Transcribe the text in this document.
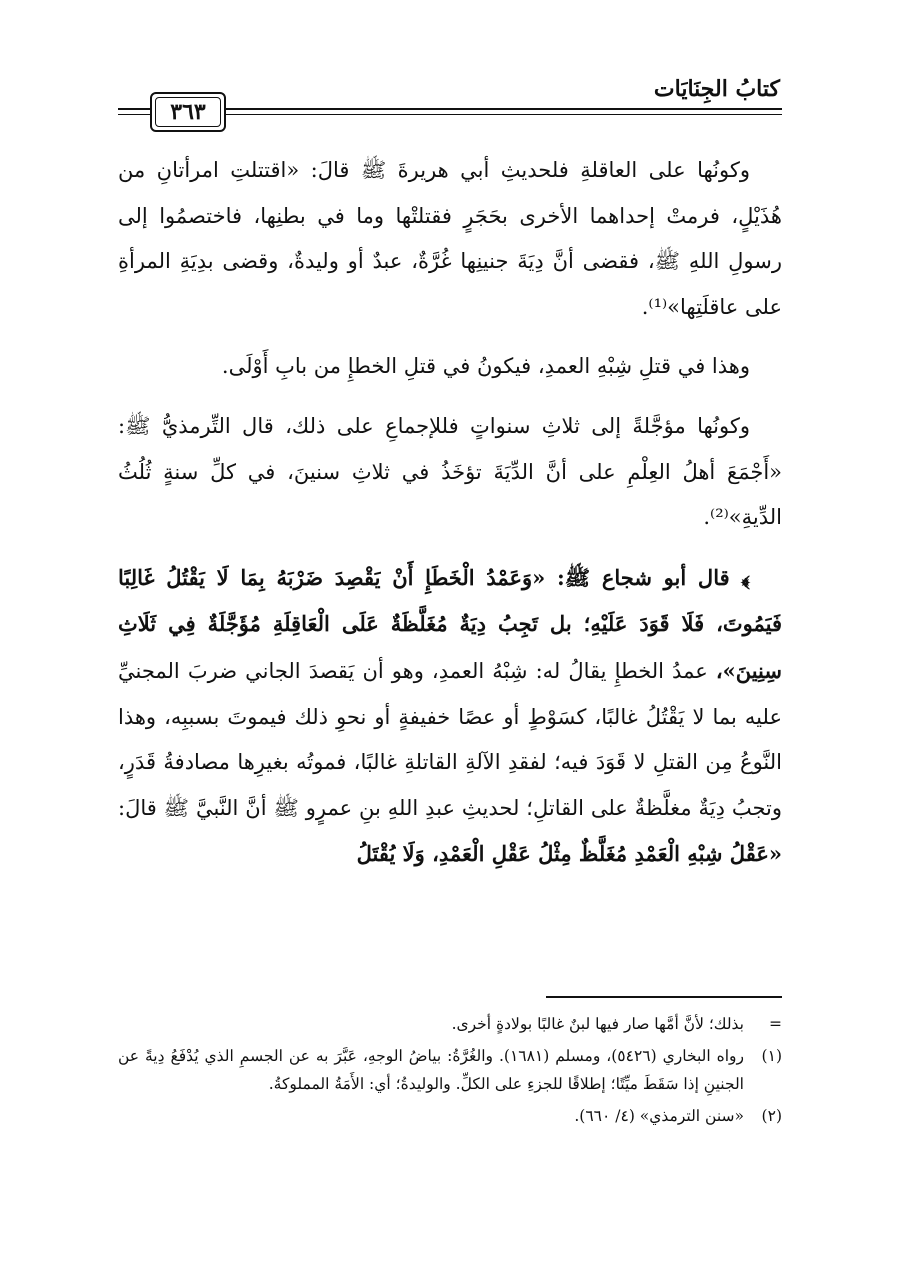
كتابُ الجِنَايَات
٣٦٣

وكونُها على العاقلةِ فلحديثِ أبي هريرةَ ﷺ قالَ: «اقتتلتِ امرأتانِ من هُذَيْلٍ، فرمتْ إحداهما الأخرى بحَجَرٍ فقتلتْها وما في بطنِها، فاختصمُوا إلى رسولِ اللهِ ﷺ، فقضى أنَّ دِيَةَ جنينِها غُرَّةٌ، عبدٌ أو وليدةٌ، وقضى بدِيَةِ المرأةِ على عاقلَتِها»⁽¹⁾.

وهذا في قتلِ شِبْهِ العمدِ، فيكونُ في قتلِ الخطإِ من بابِ أَوْلَى.

وكونُها مؤجَّلةً إلى ثلاثِ سنواتٍ فللإجماعِ على ذلك، قال التِّرمذيُّ ﷺ: «أَجْمَعَ أهلُ العِلْمِ على أنَّ الدِّيَةَ تؤخَذُ في ثلاثِ سنينَ، في كلِّ سنةٍ ثُلُثُ الدِّيةِ»⁽²⁾.

﴾ قال أبو شجاع ﷺ: «وَعَمْدُ الْخَطَإِ أَنْ يَقْصِدَ ضَرْبَهُ بِمَا لَا يَقْتُلُ غَالِبًا فَيَمُوتَ، فَلَا قَوَدَ عَلَيْهِ؛ بل تَجِبُ دِيَةٌ مُغَلَّظَةٌ عَلَى الْعَاقِلَةِ مُؤَجَّلَةٌ فِي ثَلَاثِ سِنِينَ»، عمدُ الخطإِ يقالُ له: شِبْهُ العمدِ، وهو أن يَقصدَ الجاني ضربَ المجنيِّ عليه بما لا يَقْتُلُ غالبًا، كسَوْطٍ أو عصًا خفيفةٍ أو نحوِ ذلك فيموتَ بسببِه، وهذا النَّوعُ مِن القتلِ لا قَوَدَ فيه؛ لفقدِ الآلةِ القاتلةِ غالبًا، فموتُه بغيرِها مصادفةُ قَدَرٍ، وتجبُ دِيَةٌ مغلَّظةٌ على القاتلِ؛ لحديثِ عبدِ اللهِ بنِ عمرٍو ﷺ أنَّ النَّبيَّ ﷺ قالَ: «عَقْلُ شِبْهِ الْعَمْدِ مُغَلَّظٌ مِثْلُ عَقْلِ الْعَمْدِ، وَلَا يُقْتَلُ

=
بذلك؛ لأنَّ أمَّها صار فيها لبنٌ غالبًا بولادةٍ أخرى.
(١)
رواه البخاري (٥٤٢٦)، ومسلم (١٦٨١). والغُرَّةُ: بياضُ الوجهِ، عَبَّرَ به عن الجسمِ الذي يُدْفَعُ دِيةً عن الجنينِ إذا سَقَطَ ميِّتًا؛ إطلاقًا للجزءِ على الكلِّ. والوليدةُ؛ أي: الأَمَةُ المملوكةُ.
(٢)
«سنن الترمذي» (٤/ ٦٦٠).
